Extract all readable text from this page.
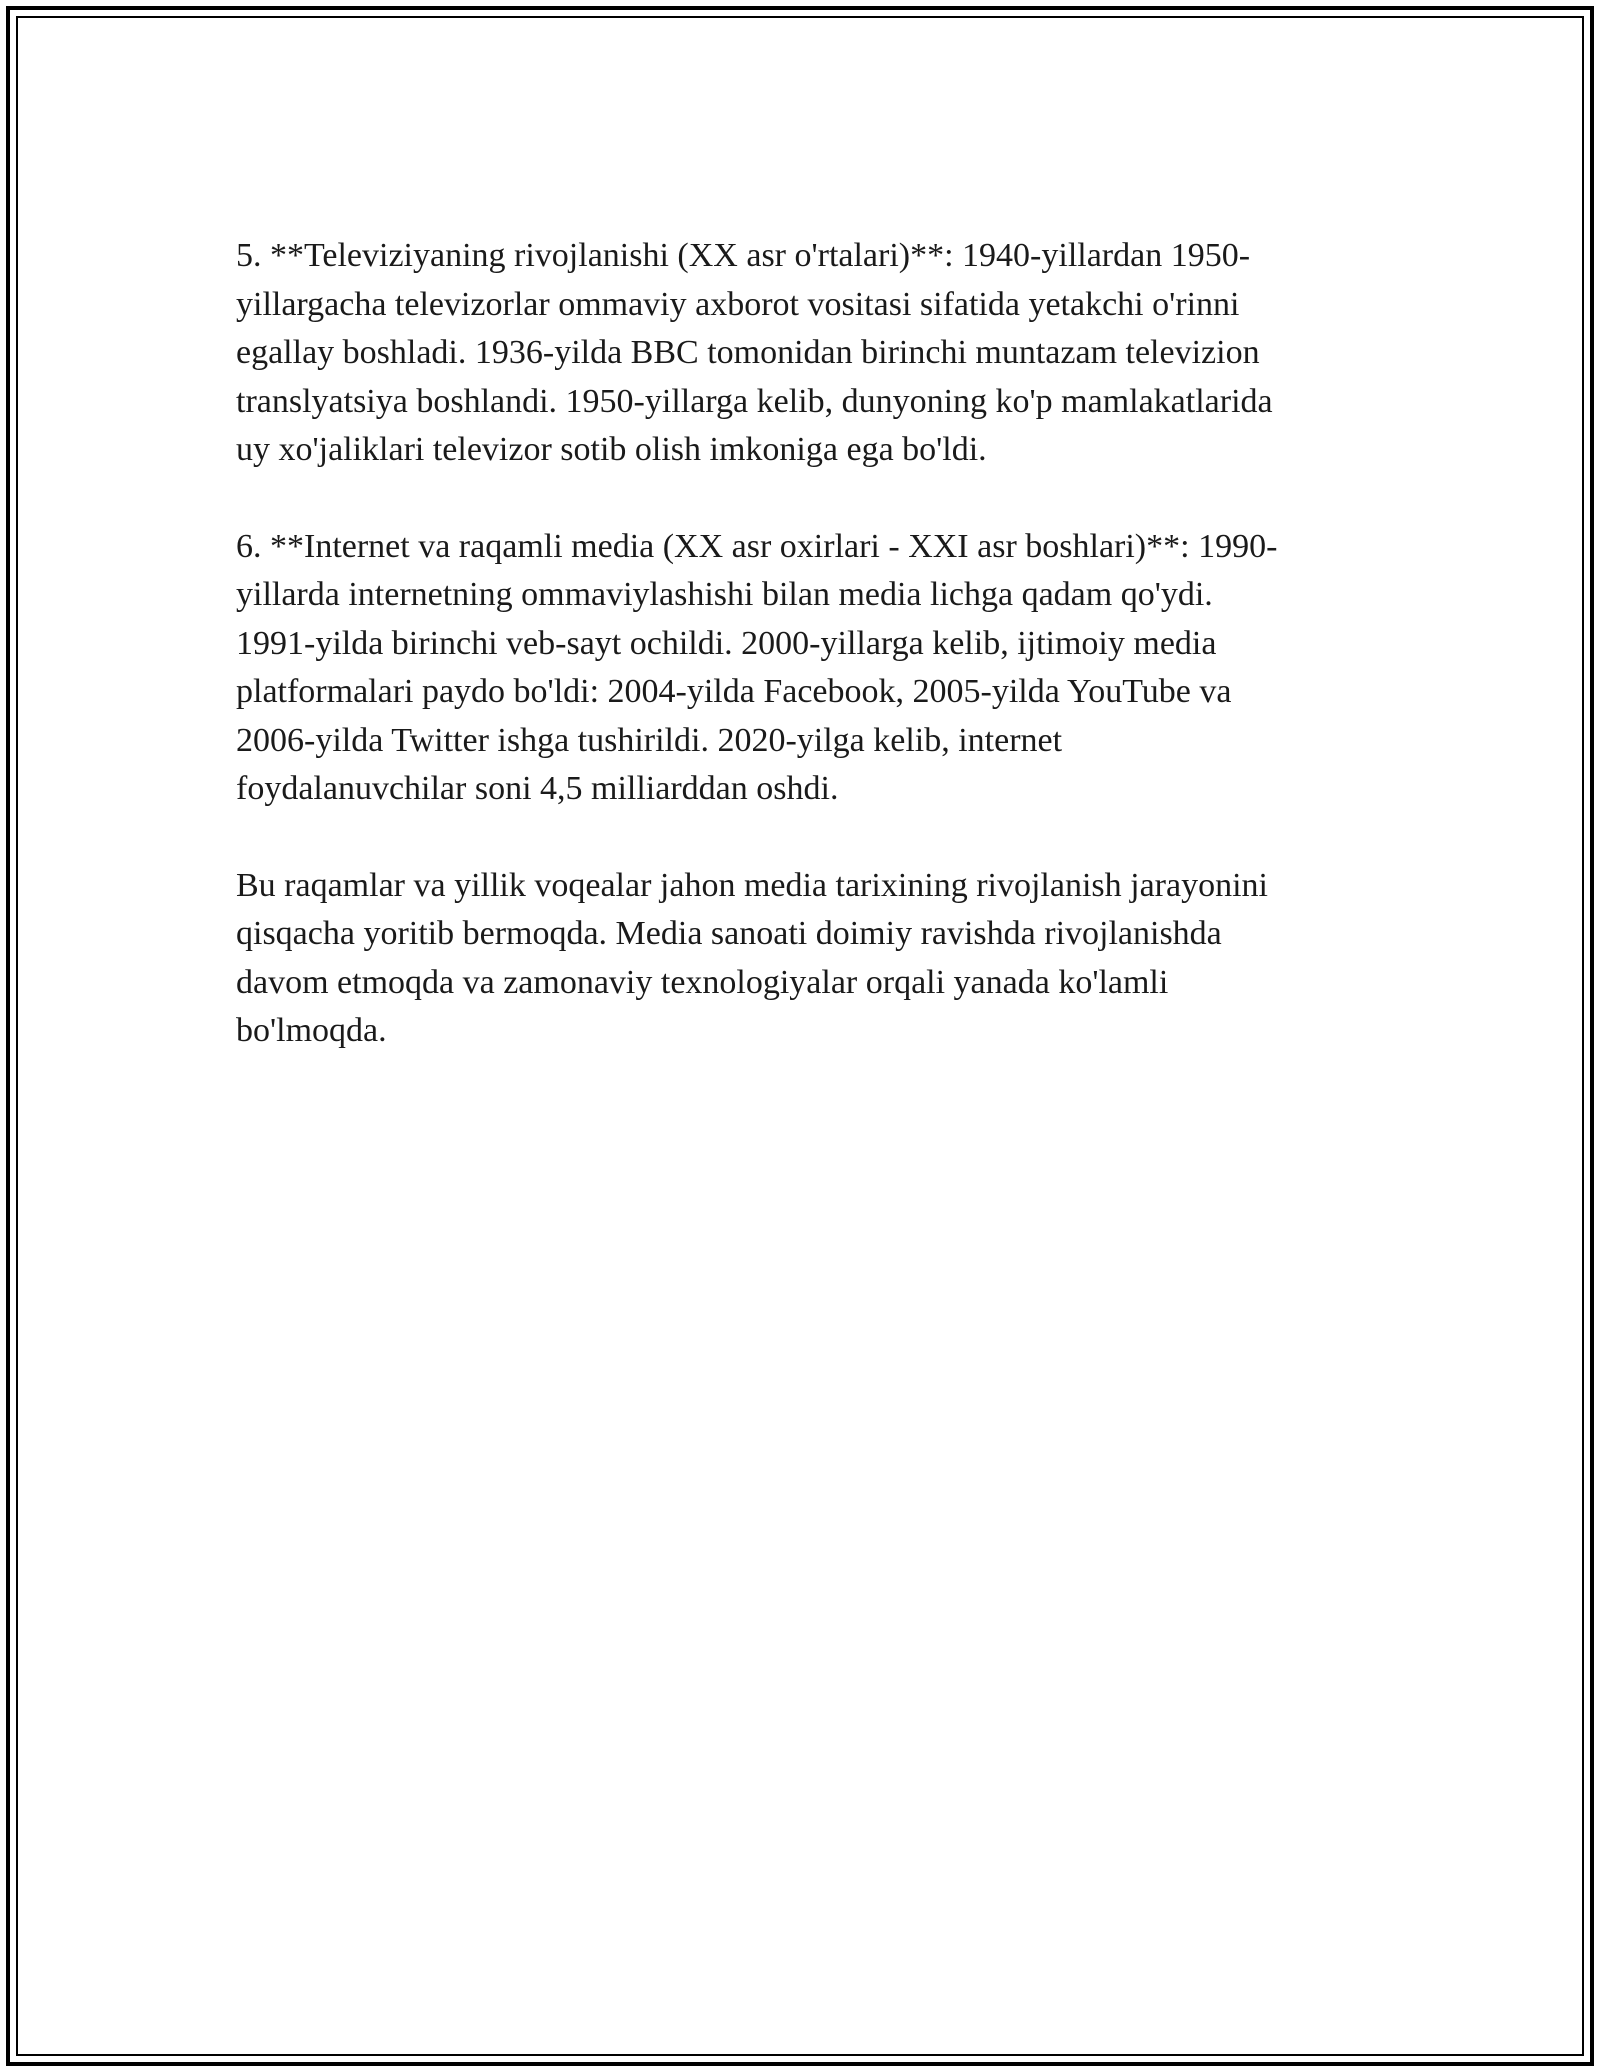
5. **Televiziyaning rivojlanishi (XX asr o'rtalari)**: 1940-yillardan 1950-
yillargacha televizorlar ommaviy axborot vositasi sifatida yetakchi o'rinni
egallay boshladi. 1936-yilda BBC tomonidan birinchi muntazam televizion
translyatsiya boshlandi. 1950-yillarga kelib, dunyoning ko'p mamlakatlarida
uy xo'jaliklari televizor sotib olish imkoniga ega bo'ldi.

6. **Internet va raqamli media (XX asr oxirlari - XXI asr boshlari)**: 1990-
yillarda internetning ommaviylashishi bilan media lichga qadam qo'ydi.
1991-yilda birinchi veb-sayt ochildi. 2000-yillarga kelib, ijtimoiy media
platformalari paydo bo'ldi: 2004-yilda Facebook, 2005-yilda YouTube va
2006-yilda Twitter ishga tushirildi. 2020-yilga kelib, internet
foydalanuvchilar soni 4,5 milliarddan oshdi.

Bu raqamlar va yillik voqealar jahon media tarixining rivojlanish jarayonini
qisqacha yoritib bermoqda. Media sanoati doimiy ravishda rivojlanishda
davom etmoqda va zamonaviy texnologiyalar orqali yanada ko'lamli
bo'lmoqda.
